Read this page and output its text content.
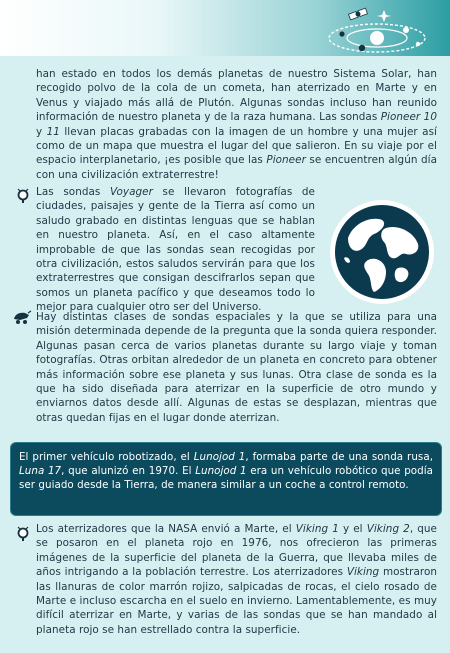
han estado en todos los demás planetas de nuestro Sistema Solar, han recogido polvo de la cola de un cometa, han aterrizado en Marte y en Venus y viajado más allá de Plutón. Algunas sondas incluso han reunido información de nuestro planeta y de la raza humana. Las sondas Pioneer 10 y 11 llevan placas grabadas con la imagen de un hombre y una mujer así como de un mapa que muestra el lugar del que salieron. En su viaje por el espacio interplanetario, ¡es posible que las Pioneer se encuentren algún día con una civilización extraterrestre!

Las sondas Voyager se llevaron fotografías de ciudades, paisajes y gente de la Tierra así como un saludo grabado en distintas lenguas que se hablan en nuestro planeta. Así, en el caso altamente improbable de que las sondas sean recogidas por otra civilización, estos saludos servirán para que los extraterrestres que consigan descifrarlos sepan que somos un planeta pacífico y que deseamos todo lo mejor para cualquier otro ser del Universo.

Hay distintas clases de sondas espaciales y la que se utiliza para una misión determinada depende de la pregunta que la sonda quiera responder. Algunas pasan cerca de varios planetas durante su largo viaje y toman fotografías. Otras orbitan alrededor de un planeta en concreto para obtener más información sobre ese planeta y sus lunas. Otra clase de sonda es la que ha sido diseñada para aterrizar en la superficie de otro mundo y enviarnos datos desde allí. Algunas de estas se desplazan, mientras que otras quedan fijas en el lugar donde aterrizan.

El primer vehículo robotizado, el Lunojod 1, formaba parte de una sonda rusa, Luna 17, que alunizó en 1970. El Lunojod 1 era un vehículo robótico que podía ser guiado desde la Tierra, de manera similar a un coche a control remoto.

Los aterrizadores que la NASA envió a Marte, el Viking 1 y el Viking 2, que se posaron en el planeta rojo en 1976, nos ofrecieron las primeras imágenes de la superficie del planeta de la Guerra, que llevaba miles de años intrigando a la población terrestre. Los aterrizadores Viking mostraron las llanuras de color marrón rojizo, salpicadas de rocas, el cielo rosado de Marte e incluso escarcha en el suelo en invierno. Lamentablemente, es muy difícil aterrizar en Marte, y varias de las sondas que se han mandado al planeta rojo se han estrellado contra la superficie.
